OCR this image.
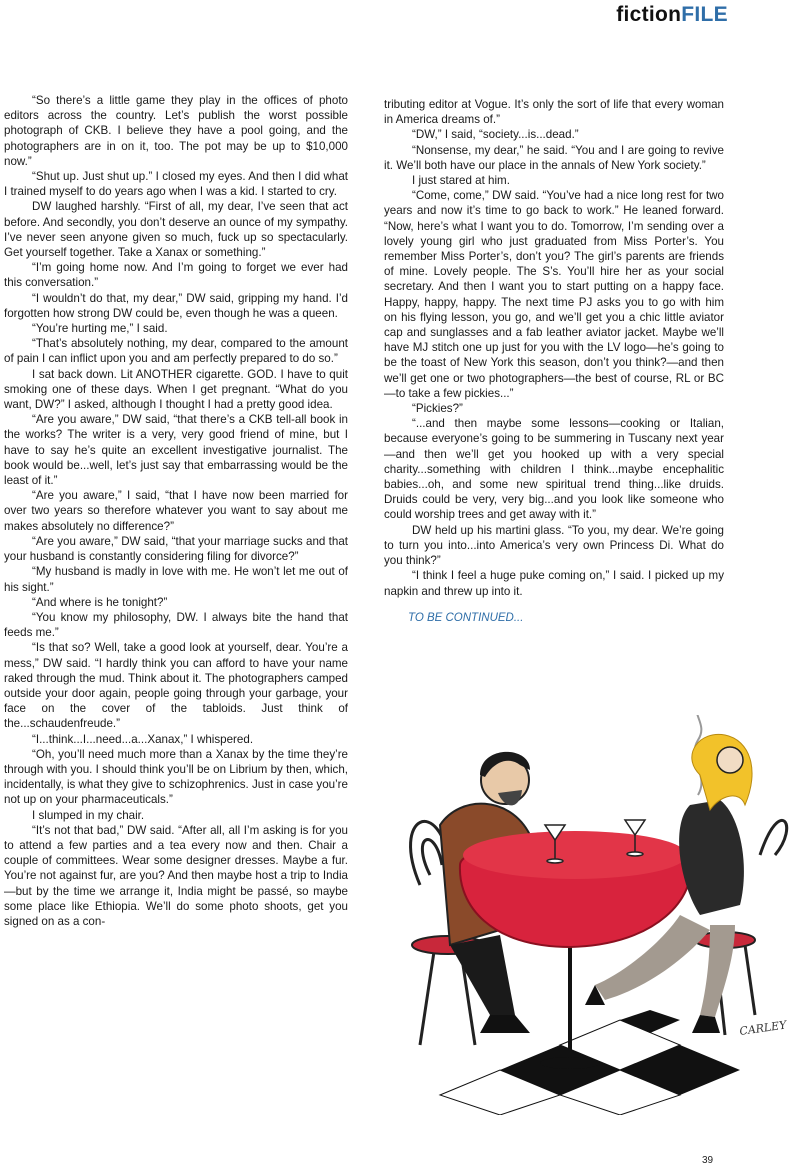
fictionFILE

“So there’s a little game they play in the offices of photo editors across the country. Let’s publish the worst possible photograph of CKB. I believe they have a pool going, and the photographers are in on it, too. The pot may be up to $10,000 now.”

“Shut up. Just shut up.” I closed my eyes. And then I did what I trained myself to do years ago when I was a kid. I started to cry.

DW laughed harshly. “First of all, my dear, I’ve seen that act before. And secondly, you don’t deserve an ounce of my sympathy. I’ve never seen anyone given so much, fuck up so spectacularly. Get yourself together. Take a Xanax or something.”

“I’m going home now. And I’m going to forget we ever had this conversation.”

“I wouldn’t do that, my dear,” DW said, gripping my hand. I’d forgotten how strong DW could be, even though he was a queen.

“You’re hurting me,” I said.

“That’s absolutely nothing, my dear, compared to the amount of pain I can inflict upon you and am perfectly prepared to do so.”

I sat back down. Lit ANOTHER cigarette. GOD. I have to quit smoking one of these days. When I get pregnant. “What do you want, DW?” I asked, although I thought I had a pretty good idea.

“Are you aware,” DW said, “that there’s a CKB tell-all book in the works? The writer is a very, very good friend of mine, but I have to say he’s quite an excellent investigative journalist. The book would be...well, let’s just say that embarrassing would be the least of it.”

“Are you aware,” I said, “that I have now been married for over two years so therefore whatever you want to say about me makes absolutely no difference?”

“Are you aware,” DW said, “that your marriage sucks and that your husband is constantly considering filing for divorce?”

“My husband is madly in love with me. He won’t let me out of his sight.”

“And where is he tonight?”

“You know my philosophy, DW. I always bite the hand that feeds me.”

“Is that so? Well, take a good look at yourself, dear. You’re a mess,” DW said. “I hardly think you can afford to have your name raked through the mud. Think about it. The photographers camped outside your door again, people going through your garbage, your face on the cover of the tabloids. Just think of the...schaudenfreude.”

“I...think...I...need...a...Xanax,” I whispered.

“Oh, you’ll need much more than a Xanax by the time they’re through with you. I should think you’ll be on Librium by then, which, incidentally, is what they give to schizophrenics. Just in case you’re not up on your pharmaceuticals.”

I slumped in my chair.

“It’s not that bad,” DW said. “After all, all I’m asking is for you to attend a few parties and a tea every now and then. Chair a couple of committees. Wear some designer dresses. Maybe a fur. You’re not against fur, are you? And then maybe host a trip to India—but by the time we arrange it, India might be passé, so maybe some place like Ethiopia. We’ll do some photo shoots, get you signed on as a con-

tributing editor at Vogue. It’s only the sort of life that every woman in America dreams of.”

“DW,” I said, “society...is...dead.”

“Nonsense, my dear,” he said. “You and I are going to revive it. We’ll both have our place in the annals of New York society.”

I just stared at him.

“Come, come,” DW said. “You’ve had a nice long rest for two years and now it’s time to go back to work.” He leaned forward. “Now, here’s what I want you to do. Tomorrow, I’m sending over a lovely young girl who just graduated from Miss Porter’s. You remember Miss Porter’s, don’t you? The girl’s parents are friends of mine. Lovely people. The S’s. You’ll hire her as your social secretary. And then I want you to start putting on a happy face. Happy, happy, happy. The next time PJ asks you to go with him on his flying lesson, you go, and we’ll get you a chic little aviator cap and sunglasses and a fab leather aviator jacket. Maybe we’ll have MJ stitch one up just for you with the LV logo—he’s going to be the toast of New York this season, don’t you think?—and then we’ll get one or two photographers—the best of course, RL or BC—to take a few pickies...”

“Pickies?”

“...and then maybe some lessons—cooking or Italian, because everyone’s going to be summering in Tuscany next year—and then we’ll get you hooked up with a very special charity...something with children I think...maybe encephalitic babies...oh, and some new spiritual trend thing...like druids. Druids could be very, very big...and you look like someone who could worship trees and get away with it.”

DW held up his martini glass. “To you, my dear. We’re going to turn you into...into America’s very own Princess Di. What do you think?”

“I think I feel a huge puke coming on,” I said. I picked up my napkin and threw up into it.

TO BE CONTINUED...

CARLEY
39
